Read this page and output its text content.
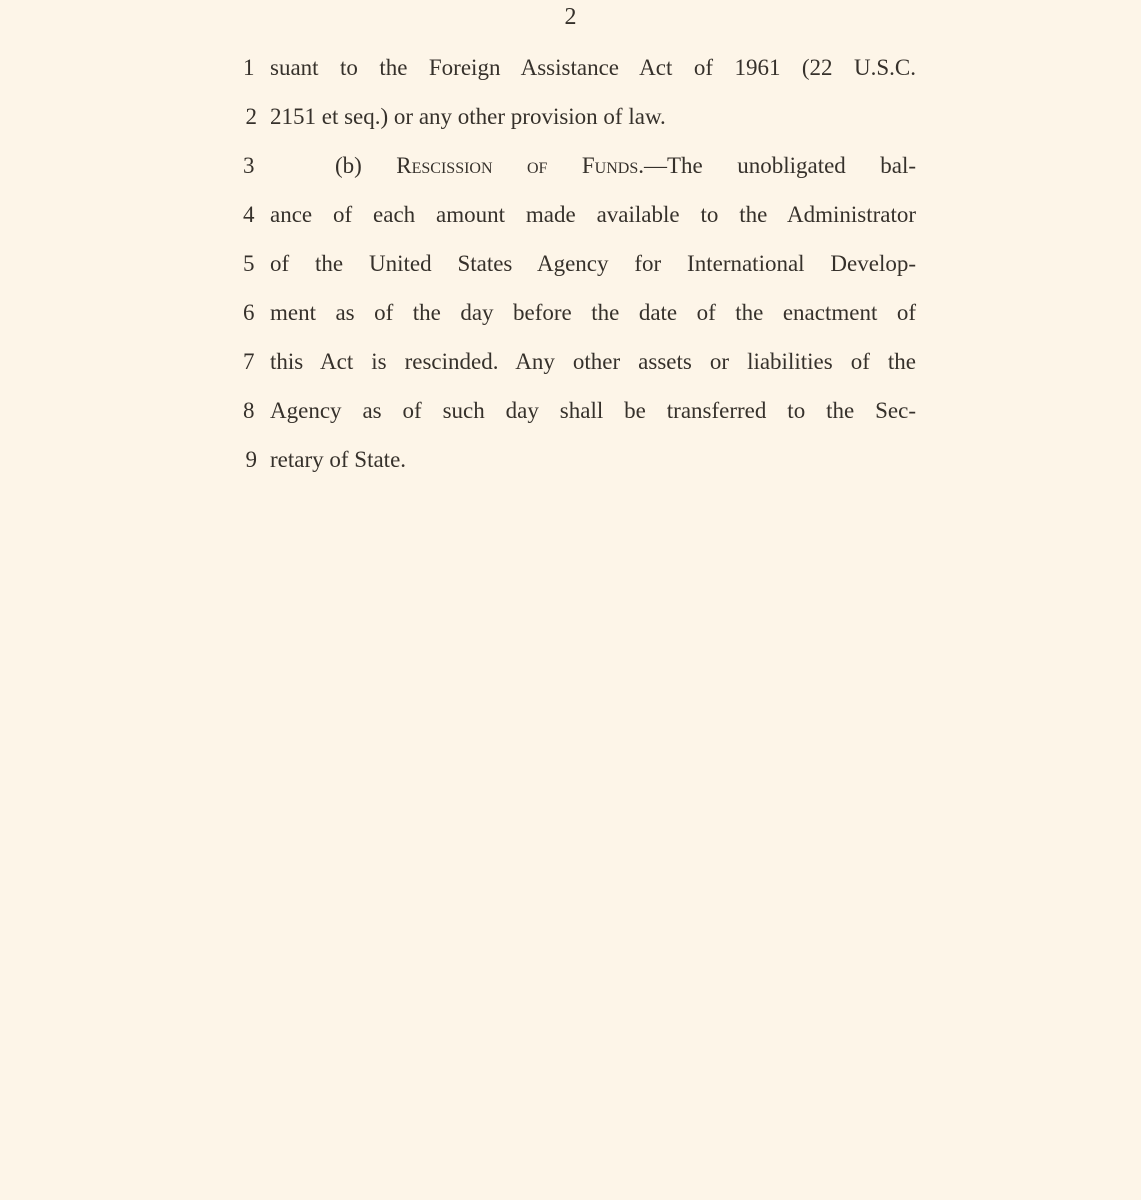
2
1 suant to the Foreign Assistance Act of 1961 (22 U.S.C.
2 2151 et seq.) or any other provision of law.
3	(b) Rescission of Funds.—The unobligated bal-
4 ance of each amount made available to the Administrator
5 of the United States Agency for International Develop-
6 ment as of the day before the date of the enactment of
7 this Act is rescinded. Any other assets or liabilities of the
8 Agency as of such day shall be transferred to the Sec-
9 retary of State.
